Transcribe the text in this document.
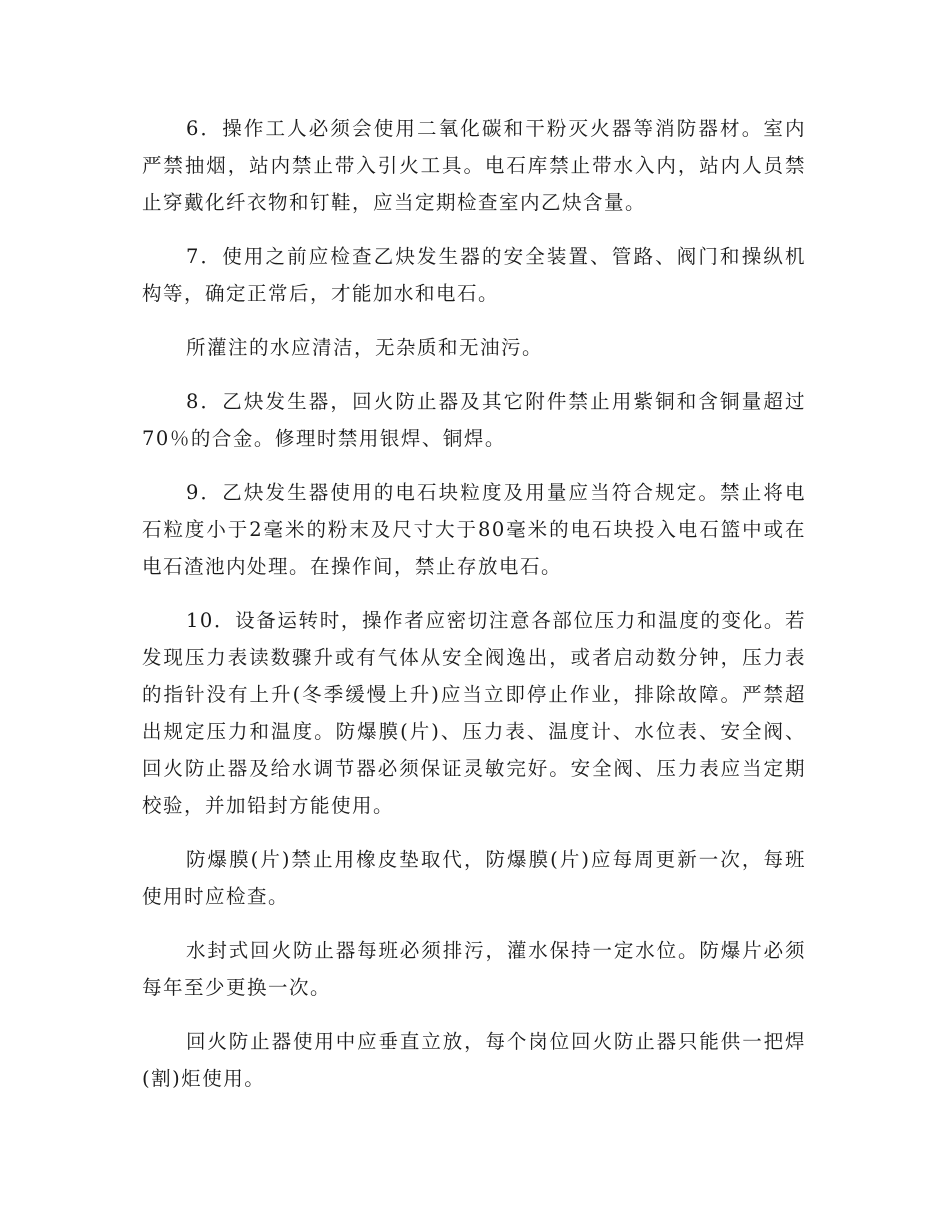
6．操作工人必须会使用二氧化碳和干粉灭火器等消防器材。室内严禁抽烟，站内禁止带入引火工具。电石库禁止带水入内，站内人员禁止穿戴化纤衣物和钉鞋，应当定期检查室内乙炔含量。

7．使用之前应检查乙炔发生器的安全装置、管路、阀门和操纵机构等，确定正常后，才能加水和电石。

所灌注的水应清洁，无杂质和无油污。

8．乙炔发生器，回火防止器及其它附件禁止用紫铜和含铜量超过70％的合金。修理时禁用银焊、铜焊。

9．乙炔发生器使用的电石块粒度及用量应当符合规定。禁止将电石粒度小于2毫米的粉末及尺寸大于80毫米的电石块投入电石篮中或在电石渣池内处理。在操作间，禁止存放电石。

10．设备运转时，操作者应密切注意各部位压力和温度的变化。若发现压力表读数骤升或有气体从安全阀逸出，或者启动数分钟，压力表的指针没有上升(冬季缓慢上升)应当立即停止作业，排除故障。严禁超出规定压力和温度。防爆膜(片)、压力表、温度计、水位表、安全阀、回火防止器及给水调节器必须保证灵敏完好。安全阀、压力表应当定期校验，并加铅封方能使用。

防爆膜(片)禁止用橡皮垫取代，防爆膜(片)应每周更新一次，每班使用时应检查。

水封式回火防止器每班必须排污，灌水保持一定水位。防爆片必须每年至少更换一次。

回火防止器使用中应垂直立放，每个岗位回火防止器只能供一把焊(割)炬使用。
